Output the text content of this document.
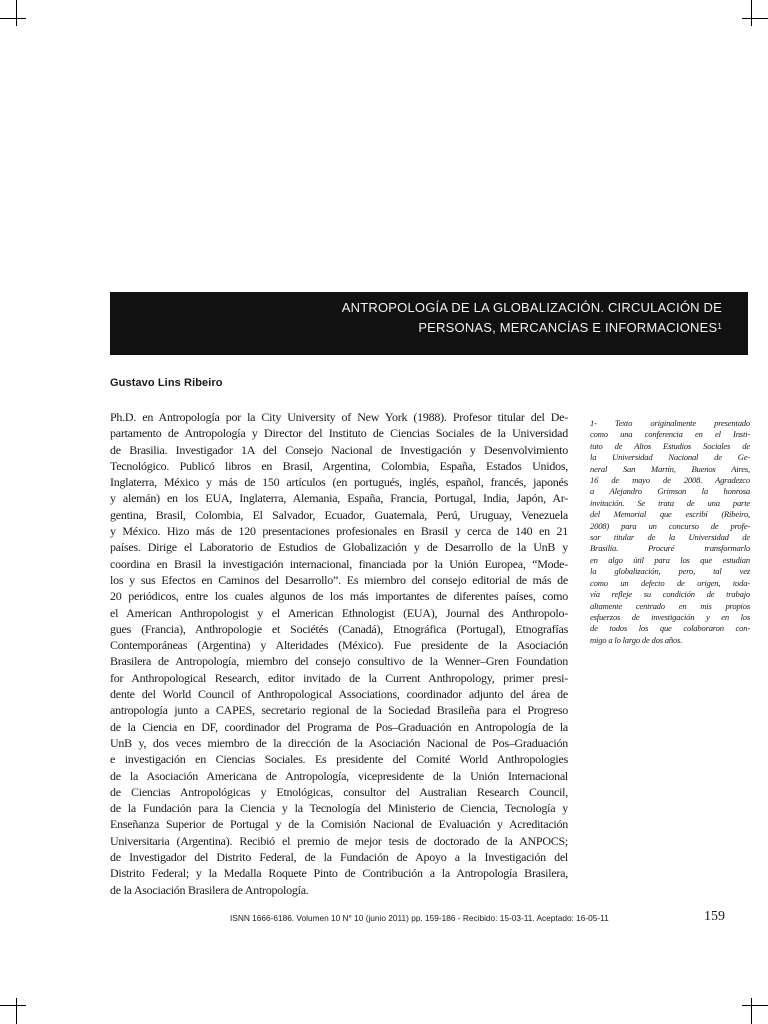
ANTROPOLOGÍA DE LA GLOBALIZACIÓN. CIRCULACIÓN DE
PERSONAS, MERCANCÍAS E INFORMACIONES$^1$
Gustavo Lins Ribeiro
Ph.D. en Antropología por la City University of New York (1988). Profesor titular del De-
partamento de Antropología y Director del Instituto de Ciencias Sociales de la Universidad
de Brasilia. Investigador 1A del Consejo Nacional de Investigación y Desenvolvimiento
Tecnológico. Publicó libros en Brasil, Argentina, Colombia, España, Estados Unidos,
Inglaterra, México y más de 150 artículos (en portugués, inglés, español, francés, japonés
y alemán) en los EUA, Inglaterra, Alemania, España, Francia, Portugal, India, Japón, Ar-
gentina, Brasil, Colombia, El Salvador, Ecuador, Guatemala, Perú, Uruguay, Venezuela
y México. Hizo más de 120 presentaciones profesionales en Brasil y cerca de 140 en 21
países. Dirige el Laboratorio de Estudios de Globalización y de Desarrollo de la UnB y
coordina en Brasil la investigación internacional, financiada por la Unión Europea, “Mode-
los y sus Efectos en Caminos del Desarrollo”. Es miembro del consejo editorial de más de
20 periódicos, entre los cuales algunos de los más importantes de diferentes países, como
el American Anthropologist y el American Ethnologist (EUA), Journal des Anthropolo-
gues (Francia), Anthropologie et Sociétés (Canadá), Etnográfica (Portugal), Etnografías
Contemporáneas (Argentina) y Alteridades (México). Fue presidente de la Asociación
Brasilera de Antropología, miembro del consejo consultivo de la Wenner–Gren Foundation
for Anthropological Research, editor invitado de la Current Anthropology, primer presi-
dente del World Council of Anthropological Associations, coordinador adjunto del área de
antropología junto a CAPES, secretario regional de la Sociedad Brasileña para el Progreso
de la Ciencia en DF, coordinador del Programa de Pos–Graduación en Antropología de la
UnB y, dos veces miembro de la dirección de la Asociación Nacional de Pos–Graduación
e investigación en Ciencias Sociales. Es presidente del Comité World Anthropologies
de la Asociación Americana de Antropología, vicepresidente de la Unión Internacional
de Ciencias Antropológicas y Etnológicas, consultor del Australian Research Council,
de la Fundación para la Ciencia y la Tecnología del Ministerio de Ciencia, Tecnología y
Enseñanza Superior de Portugal y de la Comisión Nacional de Evaluación y Acreditación
Universitaria (Argentina). Recibió el premio de mejor tesis de doctorado de la ANPOCS;
de Investigador del Distrito Federal, de la Fundación de Apoyo a la Investigación del
Distrito Federal; y la Medalla Roquete Pinto de Contribución a la Antropología Brasilera,
de la Asociación Brasilera de Antropología.
1- Texto originalmente presentado
como una conferencia en el Insti-
tuto de Altos Estudios Sociales de
la Universidad Nacional de Ge-
neral San Martín, Buenos Aires,
16 de mayo de 2008. Agradezco
a Alejandro Grimson la honrosa
invitación. Se trata de una parte
del Memorial que escribí (Ribeiro,
2008) para un concurso de profe-
sor titular de la Universidad de
Brasilia. Procuré transformarlo
en algo útil para los que estudian
la globalización, pero, tal vez
como un defecto de origen, toda-
vía refleje su condición de trabajo
altamente centrado en mis propios
esfuerzos de investigación y en los
de todos los que colaboraron con-
migo a lo largo de dos años.
ISNN 1666-6186. Volumen 10 N° 10 (junio 2011) pp. 159-186 - Recibido: 15-03-11. Aceptado: 16-05-11	159
